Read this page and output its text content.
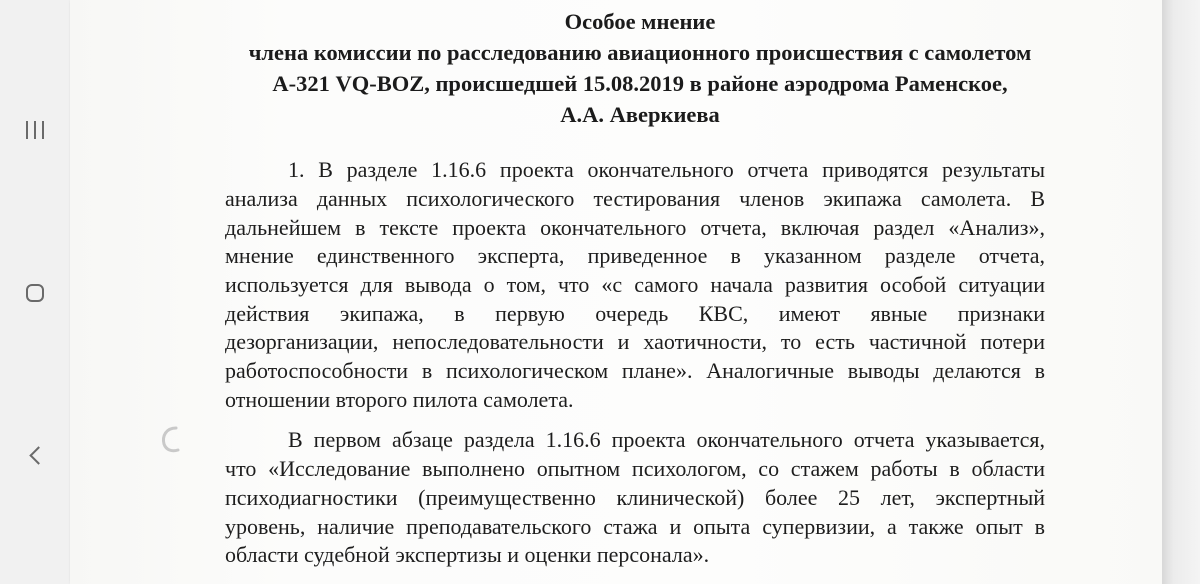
Особое мнение
члена комиссии по расследованию авиационного происшествия с самолетом
А-321 VQ-BOZ, происшедшей 15.08.2019 в районе аэродрома Раменское,
А.А. Аверкиева
1. В разделе 1.16.6 проекта окончательного отчета приводятся результаты
анализа данных психологического тестирования членов экипажа самолета. В
дальнейшем в тексте проекта окончательного отчета, включая раздел «Анализ»,
мнение единственного эксперта, приведенное в указанном разделе отчета,
используется для вывода о том, что «с самого начала развития особой ситуации
действия экипажа, в первую очередь КВС, имеют явные признаки
дезорганизации, непоследовательности и хаотичности, то есть частичной потери
работоспособности в психологическом плане». Аналогичные выводы делаются в
отношении второго пилота самолета.
В первом абзаце раздела 1.16.6 проекта окончательного отчета указывается,
что «Исследование выполнено опытном психологом, со стажем работы в области
психодиагностики (преимущественно клинической) более 25 лет, экспертный
уровень, наличие преподавательского стажа и опыта супервизии, а также опыт в
области судебной экспертизы и оценки персонала».
